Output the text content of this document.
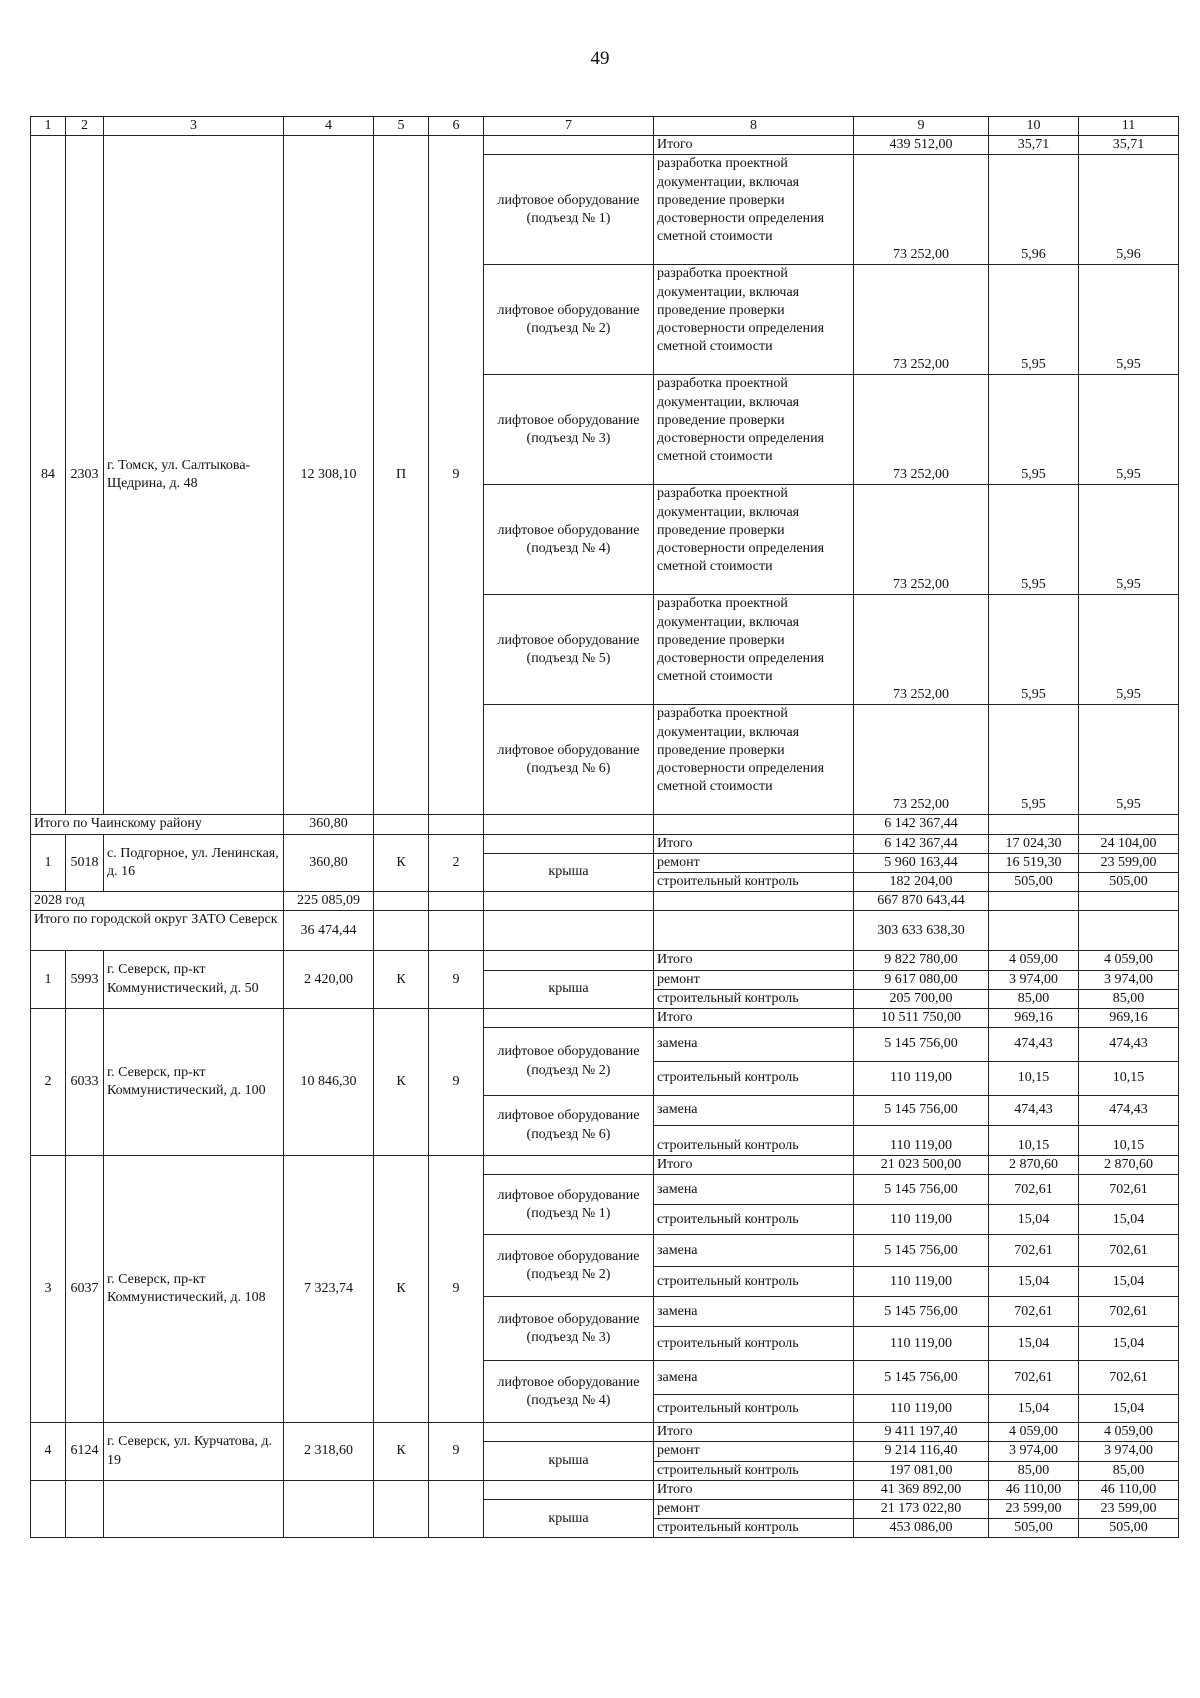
49
1	2	3	4	5	6	7	8	9	10	11
84	2303	г. Томск, ул. Салтыкова-Щедрина, д. 48	12 308,10	П	9		Итого	439 512,00	35,71	35,71
						лифтовое оборудование (подъезд № 1)	разработка проектной документации, включая проведение проверки достоверности определения сметной стоимости	73 252,00	5,96	5,96
						лифтовое оборудование (подъезд № 2)	разработка проектной документации, включая проведение проверки достоверности определения сметной стоимости	73 252,00	5,95	5,95
						лифтовое оборудование (подъезд № 3)	разработка проектной документации, включая проведение проверки достоверности определения сметной стоимости	73 252,00	5,95	5,95
						лифтовое оборудование (подъезд № 4)	разработка проектной документации, включая проведение проверки достоверности определения сметной стоимости	73 252,00	5,95	5,95
						лифтовое оборудование (подъезд № 5)	разработка проектной документации, включая проведение проверки достоверности определения сметной стоимости	73 252,00	5,95	5,95
						лифтовое оборудование (подъезд № 6)	разработка проектной документации, включая проведение проверки достоверности определения сметной стоимости	73 252,00	5,95	5,95
Итого по Чаинскому району			360,80					6 142 367,44		
1	5018	с. Подгорное, ул. Ленинская, д. 16	360,80	К	2		Итого	6 142 367,44	17 024,30	24 104,00
						крыша	ремонт	5 960 163,44	16 519,30	23 599,00
							строительный контроль	182 204,00	505,00	505,00
2028 год			225 085,09					667 870 643,44		
Итого по городской округ ЗАТО Северск			36 474,44					303 633 638,30		
1	5993	г. Северск, пр-кт Коммунистический, д. 50	2 420,00	К	9		Итого	9 822 780,00	4 059,00	4 059,00
						крыша	ремонт	9 617 080,00	3 974,00	3 974,00
							строительный контроль	205 700,00	85,00	85,00
2	6033	г. Северск, пр-кт Коммунистический, д. 100	10 846,30	К	9		Итого	10 511 750,00	969,16	969,16
						лифтовое оборудование (подъезд № 2)	замена	5 145 756,00	474,43	474,43
							строительный контроль	110 119,00	10,15	10,15
						лифтовое оборудование (подъезд № 6)	замена	5 145 756,00	474,43	474,43
							строительный контроль	110 119,00	10,15	10,15
3	6037	г. Северск, пр-кт Коммунистический, д. 108	7 323,74	К	9		Итого	21 023 500,00	2 870,60	2 870,60
						лифтовое оборудование (подъезд № 1)	замена	5 145 756,00	702,61	702,61
							строительный контроль	110 119,00	15,04	15,04
						лифтовое оборудование (подъезд № 2)	замена	5 145 756,00	702,61	702,61
							строительный контроль	110 119,00	15,04	15,04
						лифтовое оборудование (подъезд № 3)	замена	5 145 756,00	702,61	702,61
							строительный контроль	110 119,00	15,04	15,04
						лифтовое оборудование (подъезд № 4)	замена	5 145 756,00	702,61	702,61
							строительный контроль	110 119,00	15,04	15,04
4	6124	г. Северск, ул. Курчатова, д. 19	2 318,60	К	9		Итого	9 411 197,40	4 059,00	4 059,00
						крыша	ремонт	9 214 116,40	3 974,00	3 974,00
							строительный контроль	197 081,00	85,00	85,00
							Итого	41 369 892,00	46 110,00	46 110,00
						крыша	ремонт	21 173 022,80	23 599,00	23 599,00
							строительный контроль	453 086,00	505,00	505,00
